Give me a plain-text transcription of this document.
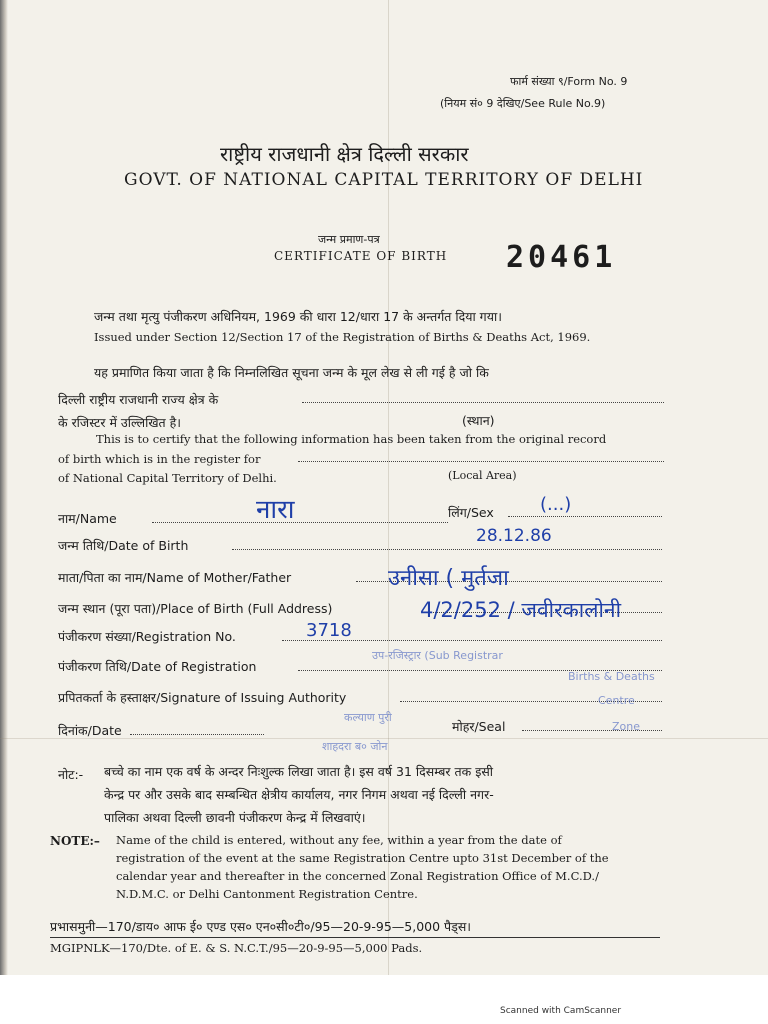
फार्म संख्या ९/Form No. 9
(नियम सं० 9 देखिए/See Rule No.9)
राष्ट्रीय राजधानी क्षेत्र दिल्ली सरकार
GOVT. OF NATIONAL CAPITAL TERRITORY OF DELHI
जन्म प्रमाण-पत्र
CERTIFICATE OF BIRTH 20461
जन्म तथा मृत्यु पंजीकरण अधिनियम, 1969 की धारा 12/धारा 17 के अन्तर्गत दिया गया।
Issued under Section 12/Section 17 of the Registration of Births & Deaths Act, 1969.
यह प्रमाणित किया जाता है कि निम्नलिखित सूचना जन्म के मूल लेख से ली गई है जो कि
दिल्ली राष्ट्रीय राजधानी राज्य क्षेत्र के
के रजिस्टर में उल्लिखित है।	(स्थान)
This is to certify that the following information has been taken from the original record
of birth which is in the register for
of National Capital Territory of Delhi.	(Local Area)
नाम/Name	नारा	लिंग/Sex	(...)
जन्म तिथि/Date of Birth	28.12.86
माता/पिता का नाम/Name of Mother/Father	उनीसा ( मुर्तजा
जन्म स्थान (पूरा पता)/Place of Birth (Full Address)	4/2/252 / जवीरकालोनी
पंजीकरण संख्या/Registration No.	3718
पंजीकरण तिथि/Date of Registration
प्रपितकर्ता के हस्ताक्षर/Signature of Issuing Authority
दिनांक/Date	मोहर/Seal
उप-रजिस्ट्रार (Sub Registrar
Births & Deaths
कल्याण पुरी
शाहदरा ब० जोन
Centre
Zone
नोट:- बच्चे का नाम एक वर्ष के अन्दर निःशुल्क लिखा जाता है। इस वर्ष 31 दिसम्बर तक इसी
केन्द्र पर और उसके बाद सम्बन्धित क्षेत्रीय कार्यालय, नगर निगम अथवा नई दिल्ली नगर-
पालिका अथवा दिल्ली छावनी पंजीकरण केन्द्र में लिखवाएं।
NOTE:– Name of the child is entered, without any fee, within a year from the date of
registration of the event at the same Registration Centre upto 31st December of the
calendar year and thereafter in the concerned Zonal Registration Office of M.C.D./
N.D.M.C. or Delhi Cantonment Registration Centre.
प्रभासमुनी—170/डाय० आफ ई० एण्ड एस० एन०सी०टी०/95—20-9-95—5,000 पैड्स।
MGIPNLK—170/Dte. of E. & S. N.C.T./95—20-9-95—5,000 Pads.
Scanned with CamScanner
